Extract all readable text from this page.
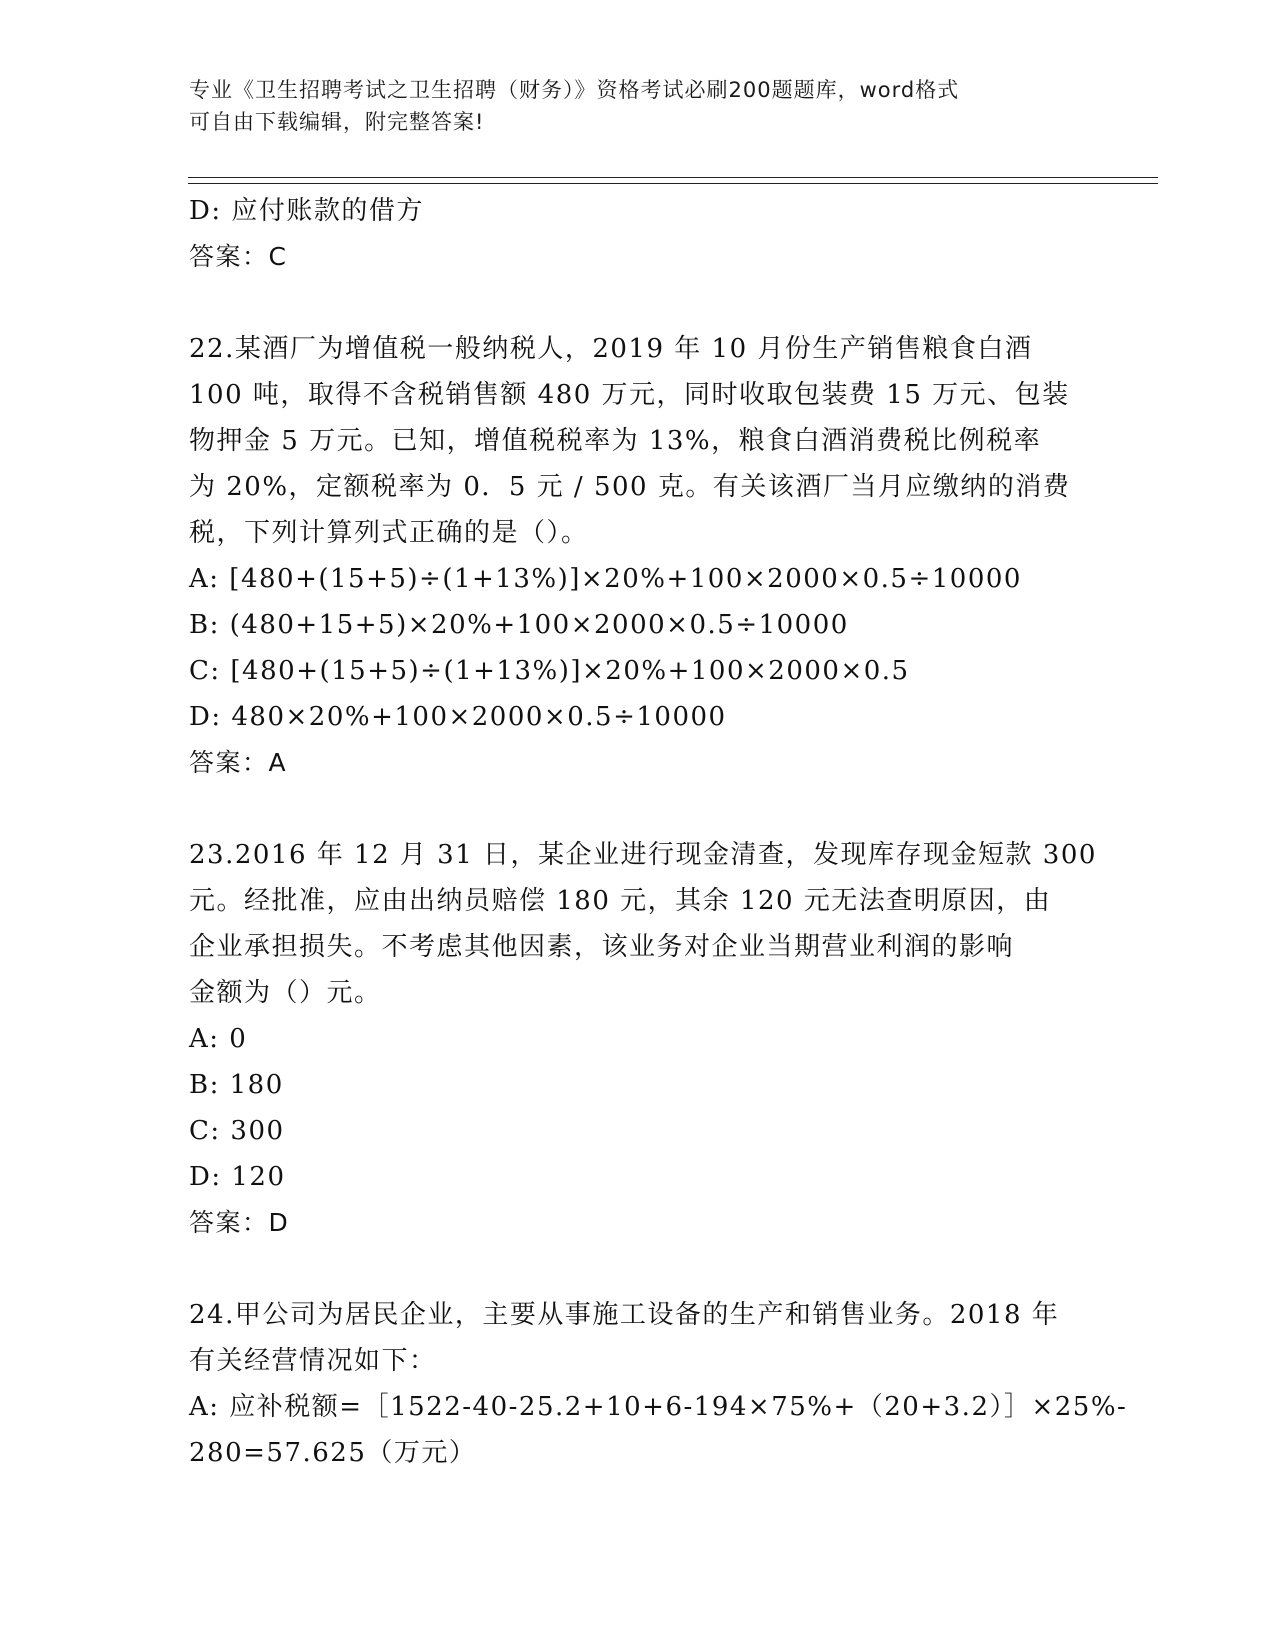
专业《卫生招聘考试之卫生招聘（财务）》资格考试必刷200题题库，word格式
可自由下载编辑，附完整答案!
D: 应付账款的借方
答案：C
22.某酒厂为增值税一般纳税人，2019 年 10 月份生产销售粮食白酒
100 吨，取得不含税销售额 480 万元，同时收取包装费 15 万元、包装
物押金 5 万元。已知，增值税税率为 13%，粮食白酒消费税比例税率
为 20%，定额税率为 0．5 元 / 500 克。有关该酒厂当月应缴纳的消费
税，下列计算列式正确的是（）。
A: [480+(15+5)÷(1+13%)]×20%+100×2000×0.5÷10000
B: (480+15+5)×20%+100×2000×0.5÷10000
C: [480+(15+5)÷(1+13%)]×20%+100×2000×0.5
D: 480×20%+100×2000×0.5÷10000
答案：A
23.2016 年 12 月 31 日，某企业进行现金清查，发现库存现金短款 300
元。经批准，应由出纳员赔偿 180 元，其余 120 元无法查明原因，由
企业承担损失。不考虑其他因素，该业务对企业当期营业利润的影响
金额为（）元。
A: 0
B: 180
C: 300
D: 120
答案：D
24.甲公司为居民企业，主要从事施工设备的生产和销售业务。2018 年
有关经营情况如下：
A: 应补税额=［1522-40-25.2+10+6-194×75%+（20+3.2）］×25%-
280=57.625（万元）
